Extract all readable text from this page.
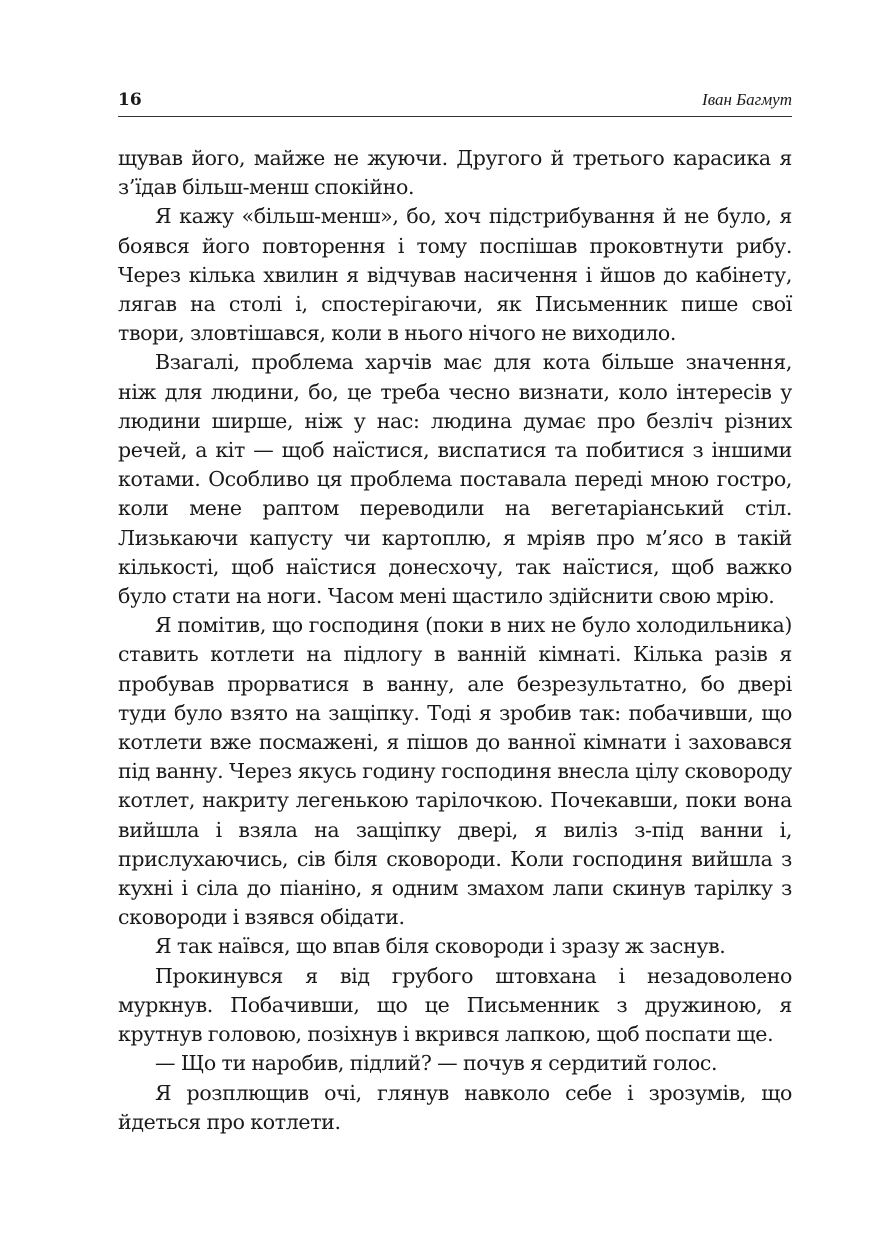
16	Іван Багмут

щував його, майже не жуючи. Другого й третього карасика я з’їдав більш-менш спокійно.

Я кажу «більш-менш», бо, хоч підстрибування й не було, я боявся його повторення і тому поспішав проковтнути рибу. Через кілька хвилин я відчував насичення і йшов до кабінету, лягав на столі і, спостерігаючи, як Письменник пише свої твори, зловтішався, коли в нього нічого не виходило.

Взагалі, проблема харчів має для кота більше значення, ніж для людини, бо, це треба чесно визнати, коло інтересів у людини ширше, ніж у нас: людина думає про безліч різних речей, а кіт — щоб наїстися, виспатися та побитися з іншими котами. Особливо ця проблема поставала переді мною гостро, коли мене раптом переводили на вегетаріанський стіл. Лизькаючи капусту чи картоплю, я мріяв про м’ясо в такій кількості, щоб наїстися донесхочу, так наїстися, щоб важко було стати на ноги. Часом мені щастило здійснити свою мрію.

Я помітив, що господиня (поки в них не було холодильника) ставить котлети на підлогу в ванній кімнаті. Кілька разів я пробував прорватися в ванну, але безрезультатно, бо двері туди було взято на защіпку. Тоді я зробив так: побачивши, що котлети вже посмажені, я пішов до ванної кімнати і заховався під ванну. Через якусь годину господиня внесла цілу сковороду котлет, накриту легенькою тарілочкою. Почекавши, поки вона вийшла і взяла на защіпку двері, я виліз з-під ванни і, прислухаючись, сів біля сковороди. Коли господиня вийшла з кухні і сіла до піаніно, я одним змахом лапи скинув тарілку з сковороди і взявся обідати.

Я так наївся, що впав біля сковороди і зразу ж заснув.

Прокинувся я від грубого штовхана і незадоволено муркнув. Побачивши, що це Письменник з дружиною, я крутнув головою, позіхнув і вкрився лапкою, щоб поспати ще.

— Що ти наробив, підлий? — почув я сердитий голос.

Я розплющив очі, глянув навколо себе і зрозумів, що йдеться про котлети.
